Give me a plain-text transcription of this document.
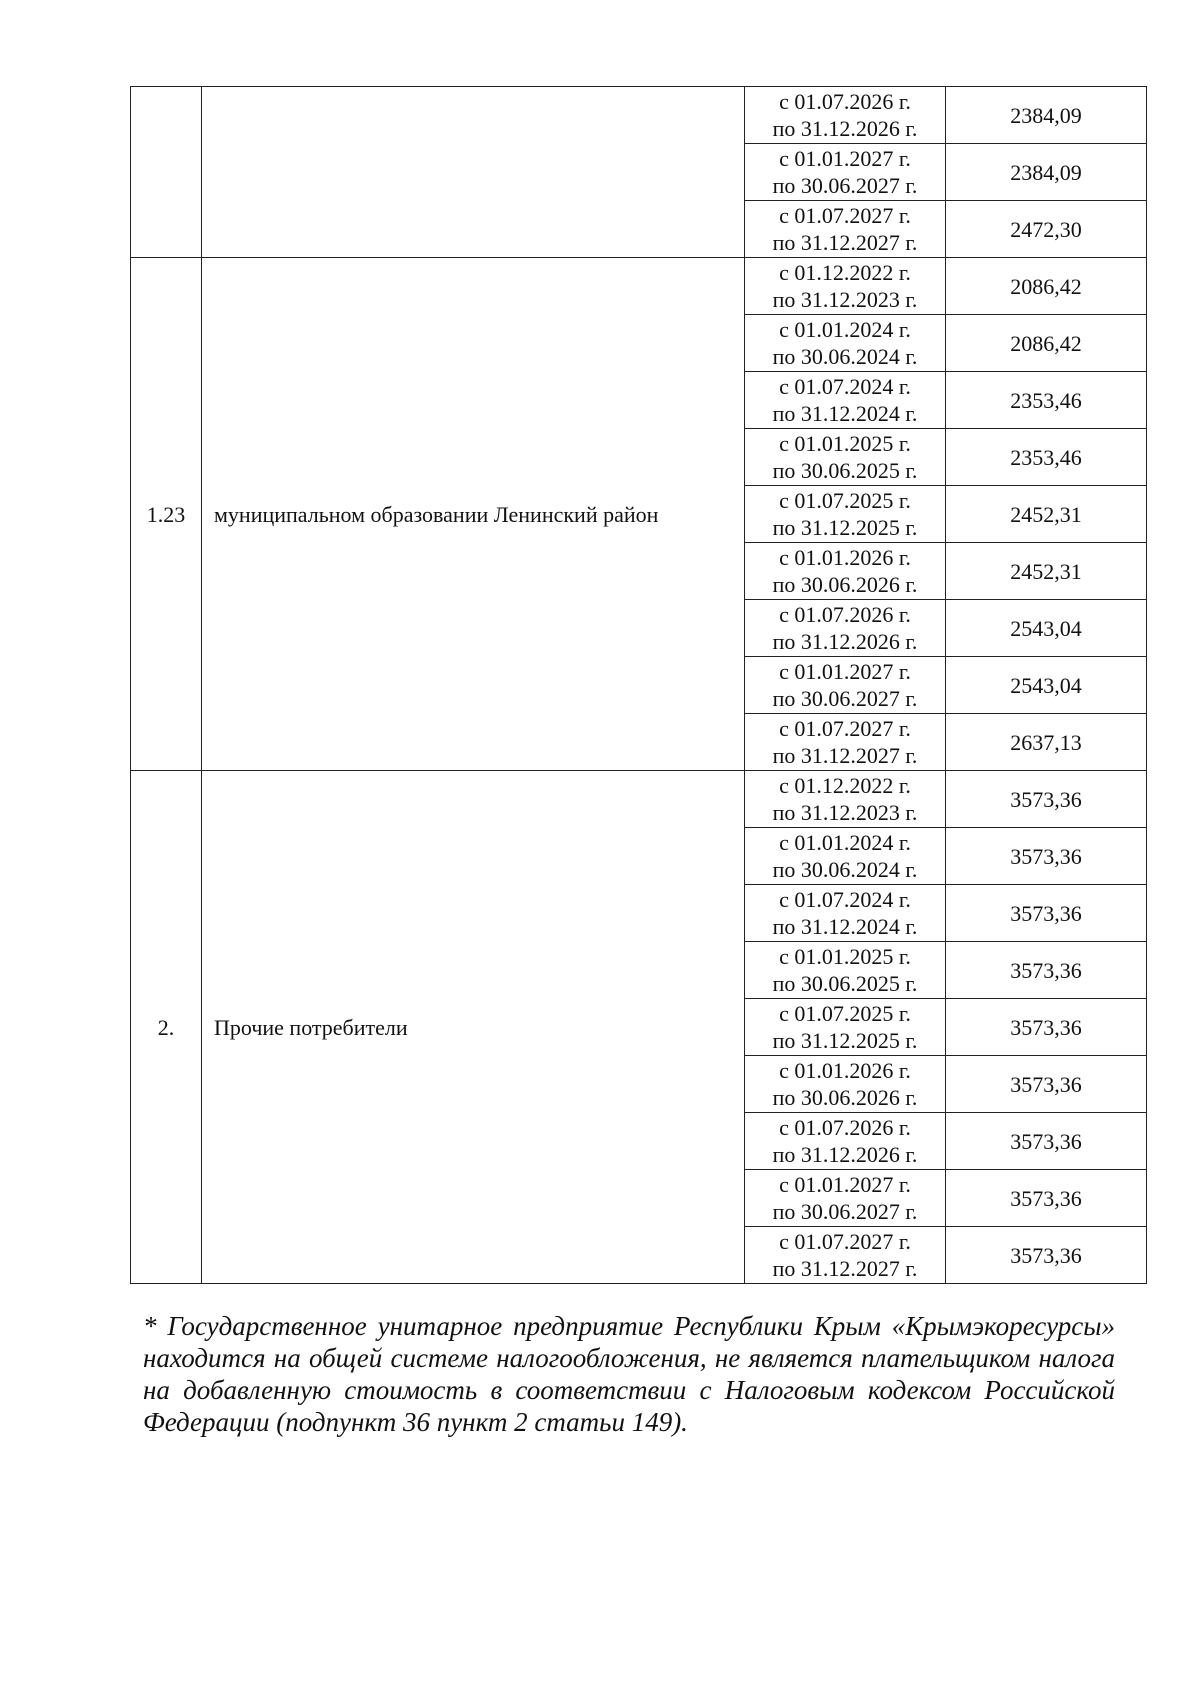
		с 01.07.2026 г.
по 31.12.2026 г.	2384,09

		с 01.01.2027 г.
по 30.06.2027 г.	2384,09

		с 01.07.2027 г.
по 31.12.2027 г.	2472,30
1.23	муниципальном образовании Ленинский район	с 01.12.2022 г.
по 31.12.2023 г.	2086,42

		с 01.01.2024 г.
по 30.06.2024 г.	2086,42

		с 01.07.2024 г.
по 31.12.2024 г.	2353,46

		с 01.01.2025 г.
по 30.06.2025 г.	2353,46

		с 01.07.2025 г.
по 31.12.2025 г.	2452,31

		с 01.01.2026 г.
по 30.06.2026 г.	2452,31

		с 01.07.2026 г.
по 31.12.2026 г.	2543,04

		с 01.01.2027 г.
по 30.06.2027 г.	2543,04

		с 01.07.2027 г.
по 31.12.2027 г.	2637,13
2.	Прочие потребители	с 01.12.2022 г.
по 31.12.2023 г.	3573,36

		с 01.01.2024 г.
по 30.06.2024 г.	3573,36

		с 01.07.2024 г.
по 31.12.2024 г.	3573,36

		с 01.01.2025 г.
по 30.06.2025 г.	3573,36

		с 01.07.2025 г.
по 31.12.2025 г.	3573,36

		с 01.01.2026 г.
по 30.06.2026 г.	3573,36

		с 01.07.2026 г.
по 31.12.2026 г.	3573,36

		с 01.01.2027 г.
по 30.06.2027 г.	3573,36

		с 01.07.2027 г.
по 31.12.2027 г.	3573,36

* Государственное унитарное предприятие Республики Крым «Крымэкоресурсы» находится на общей системе налогообложения, не является плательщиком налога на добавленную стоимость в соответствии с Налоговым кодексом Российской Федерации (подпункт 36 пункт 2 статьи 149).
